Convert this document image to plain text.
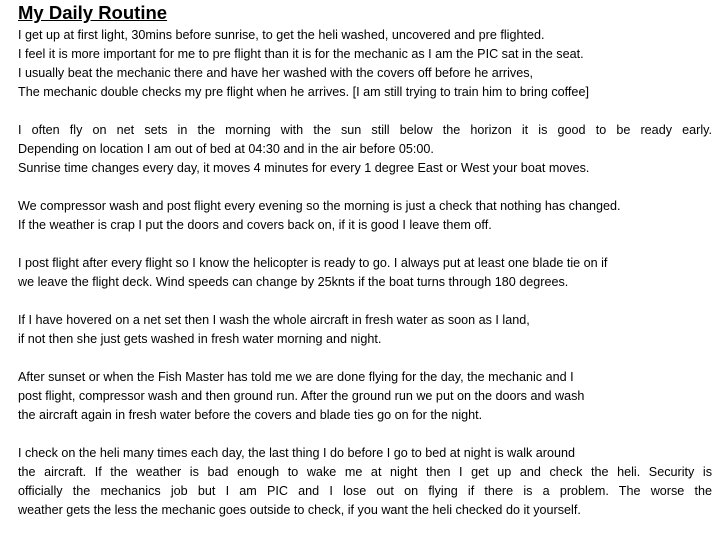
My Daily Routine
I get up at first light, 30mins before sunrise, to get the heli washed, uncovered and pre flighted.
I feel it is more important for me to pre flight than it is for the mechanic as I am the PIC sat in the seat.
I usually beat the mechanic there and have her washed with the covers off before he arrives,
The mechanic double checks my pre flight when he arrives. [I am still trying to train him to bring coffee]
I often fly on net sets in the morning with the sun still below the horizon it is good to be ready early.
Depending on location I am out of bed at 04:30 and in the air before 05:00.
Sunrise time changes every day, it moves 4 minutes for every 1 degree East or West your boat moves.
We compressor wash and post flight every evening so the morning is just a check that nothing has changed.
If the weather is crap I put the doors and covers back on, if it is good I leave them off.
I post flight after every flight so I know the helicopter is ready to go. I always put at least one blade tie on if
we leave the flight deck. Wind speeds can change by 25knts if the boat turns through 180 degrees.
If I have hovered on a net set then I wash the whole aircraft in fresh water as soon as I land,
if not then she just gets washed in fresh water morning and night.
After sunset or when the Fish Master has told me we are done flying for the day, the mechanic and I
post flight, compressor wash and then ground run. After the ground run we put on the doors and wash
the aircraft again in fresh water before the covers and blade ties go on for the night.
I check on the heli many times each day, the last thing I do before I go to bed at night is walk around
the aircraft. If the weather is bad enough to wake me at night then I get up and check the heli. Security is
officially the mechanics job but I am PIC and I lose out on flying if there is a problem. The worse the
weather gets the less the mechanic goes outside to check, if you want the heli checked do it yourself.
